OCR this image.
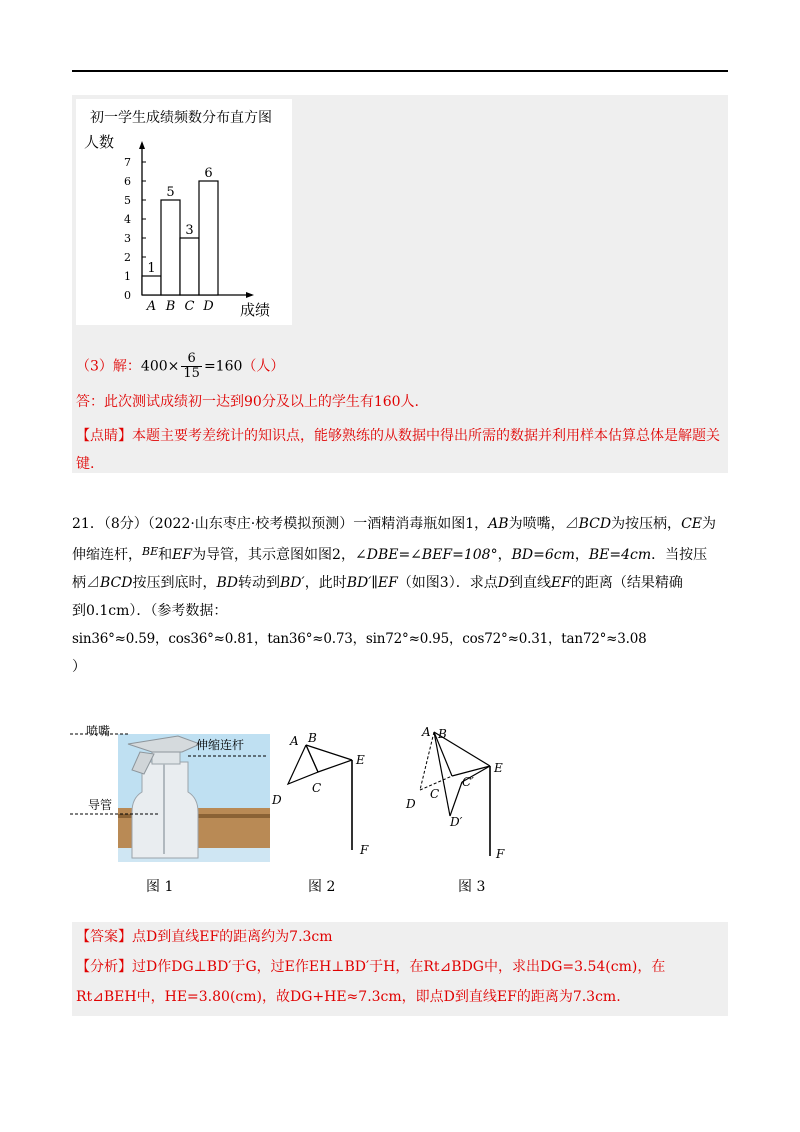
初一学生成绩频数分布直方图
人数
成绩
0
1
2
3
4
5
6
7
1
A
5
B
3
C
6
D
（3）解：$400\times \frac{6}{15} =160$（人）
答：此次测试成绩初一达到90分及以上的学生有160人.
【点睛】本题主要考差统计的知识点，能够熟练的从数据中得出所需的数据并利用样本估算总体是解题关
键.
21．（8分）（2022·山东枣庄·校考模拟预测）一酒精消毒瓶如图1，AB为喷嘴，⊿BCD为按压柄，CE为
伸缩连杆，$^{BE}$和EF为导管，其示意图如图2，∠DBE=∠BEF=108°，BD=6cm，BE=4cm．当按压
柄⊿BCD按压到底时，BD转动到BD′，此时BD′∥EF（如图3）．求点D到直线EF的距离（结果精确
到0.1cm）．（参考数据：
sin36°≈0.59，cos36°≈0.81，tan36°≈0.73，sin72°≈0.95，cos72°≈0.31，tan72°≈3.08
）
喷嘴
伸缩连杆
导管
图 1
A B
C
D
E
F
图 2
A B
C
C′
D
D′
E
F
图 3
【答案】点D到直线EF的距离约为7.3cm
【分析】过D作DG⊥BD′于G，过E作EH⊥BD′于H，在Rt⊿BDG中，求出DG=3.54(cm)，在
Rt⊿BEH中，HE=3.80(cm)，故DG+HE≈7.3cm，即点D到直线EF的距离为7.3cm.
